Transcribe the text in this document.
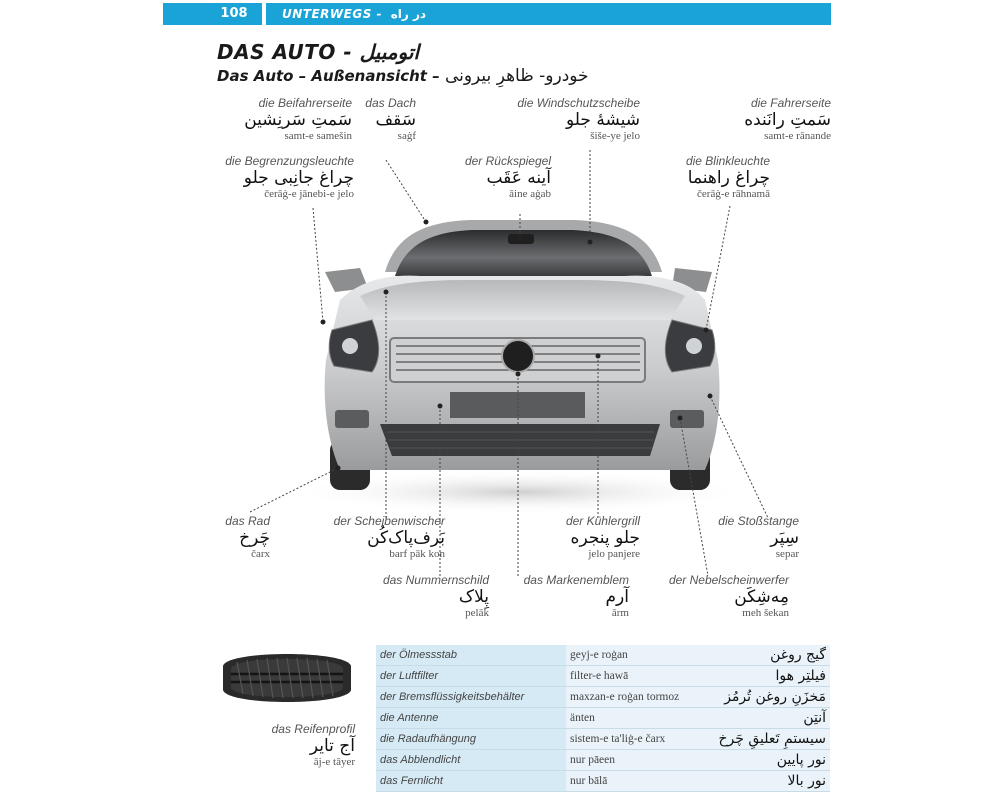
108	UNTERWEGS - در راه
DAS AUTO - اتومبیل
Das Auto – Außenansicht – خودرو- ظاهرِ بیرونی
die Beifahrerseite
سَمتِ سَرنِشین
samt-e samešin
das Dach
سَقف
saġf
die Windschutzscheibe
شیشهٔ جلو
šiše-ye jelo
die Fahrerseite
سَمتِ رانَنده
samt-e rānande
die Begrenzungsleuchte
چراغ جانِبی جلو
čerāġ-e jānebi-e jelo
der Rückspiegel
آینه عَقَب
āine aġab
die Blinkleuchte
چراغ راهنما
čerāġ-e rāhnamā
das Rad
چَرخ
čarx
der Scheibenwischer
بَرف‌پاک‌کُن
barf pāk kon
der Kühlergrill
جلو پنجره
jelo panjere
die Stoßstange
سِپَر
separ
das Nummernschild
پِلاک
pelāk
das Markenemblem
آرم
ārm
der Nebelscheinwerfer
مِه‌شِکَن
meh šekan
das Reifenprofil
آج تایر
āj-e tāyer
der Ölmessstab	geyj-e roġan	گیج روغن
der Luftfilter	filter-e hawā	فیلتِر هوا
der Bremsflüssigkeitsbehälter	maxzan-e roġan tormoz	مَخزَنِ روغن تُرمُز
die Antenne	änten	آنتِن
die Radaufhängung	sistem-e ta'liġ-e čarx	سیستمِ تَعلیقِ چَرخ
das Abblendlicht	nur pāeen	نور پایین
das Fernlicht	nur bālā	نور بالا
